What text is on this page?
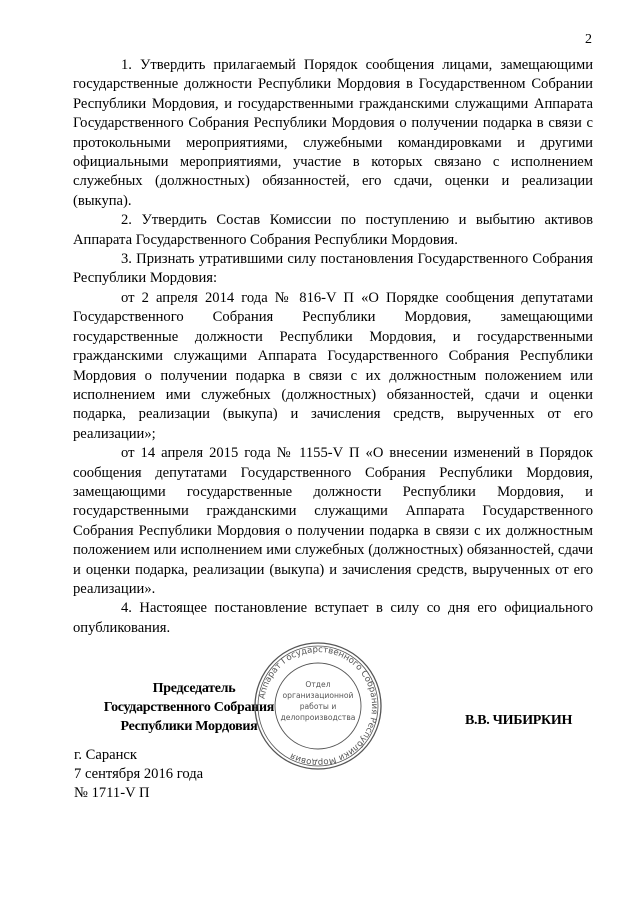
2

1. Утвердить прилагаемый Порядок сообщения лицами, замещающими государственные должности Республики Мордовия в Государственном Собрании Республики Мордовия, и государственными гражданскими служащими Аппарата Государственного Собрания Республики Мордовия о получении подарка в связи с протокольными мероприятиями, служебными командировками и другими официальными мероприятиями, участие в которых связано с исполнением служебных (должностных) обязанностей, его сдачи, оценки и реализации (выкупа).

2. Утвердить Состав Комиссии по поступлению и выбытию активов Аппарата Государственного Собрания Республики Мордовия.

3. Признать утратившими силу постановления Государственного Собрания Республики Мордовия:

от 2 апреля 2014 года № 816-V П «О Порядке сообщения депутатами Государственного Собрания Республики Мордовия, замещающими государственные должности Республики Мордовия, и государственными гражданскими служащими Аппарата Государственного Собрания Республики Мордовия о получении подарка в связи с их должностным положением или исполнением ими служебных (должностных) обязанностей, сдачи и оценки подарка, реализации (выкупа) и зачисления средств, вырученных от его реализации»;

от 14 апреля 2015 года № 1155-V П «О внесении изменений в Порядок сообщения депутатами Государственного Собрания Республики Мордовия, замещающими государственные должности Республики Мордовия, и государственными гражданскими служащими Аппарата Государственного Собрания Республики Мордовия о получении подарка в связи с их должностным положением или исполнением ими служебных (должностных) обязанностей, сдачи и оценки подарка, реализации (выкупа) и зачисления средств, вырученных от его реализации».

4. Настоящее постановление вступает в силу со дня его официального опубликования.

Председатель
Государственного Собрания
Республики Мордовия
Аппарат Государственного Собрания Республики Мордовия
Отдел
организационной
работы и
делопроизводства	В.В. ЧИБИРКИН
г. Саранск
7 сентября 2016 года
№ 1711-V П
